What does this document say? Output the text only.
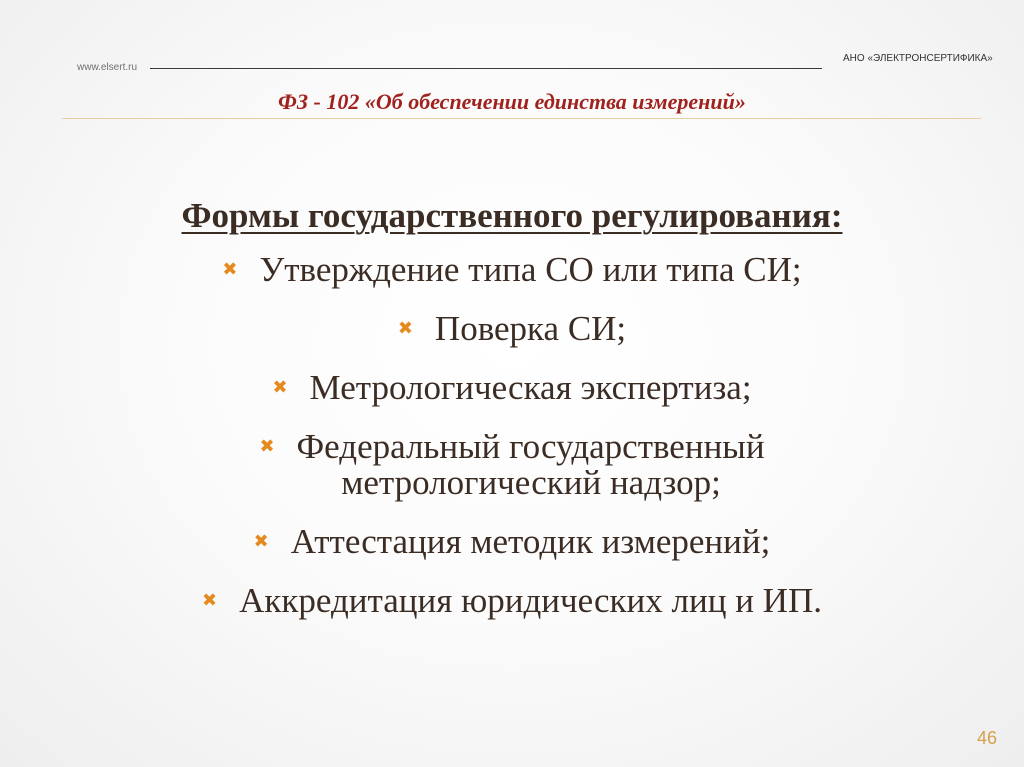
www.elsert.ru
АНО «ЭЛЕКТРОНСЕРТИФИКА»
ФЗ - 102 «Об обеспечении единства измерений»
Формы государственного регулирования:
✖ Утверждение типа СО или типа СИ;
✖ Поверка СИ;
✖ Метрологическая экспертиза;
✖ Федеральный государственный
метрологический надзор;
✖ Аттестация методик измерений;
✖ Аккредитация юридических лиц и ИП.
46
